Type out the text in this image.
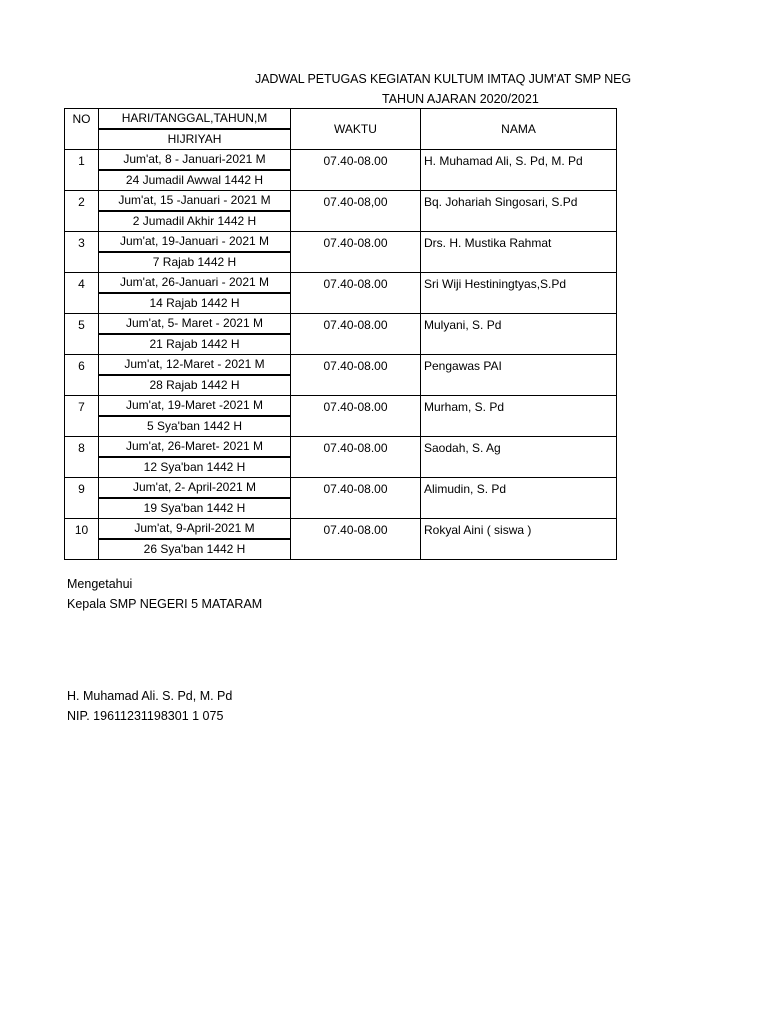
JADWAL PETUGAS KEGIATAN KULTUM IMTAQ JUM'AT SMP NEG
TAHUN AJARAN 2020/2021
NO	HARI/TANGGAL,TAHUN,M	WAKTU	NAMA
	HIJRIYAH		
1	Jum'at, 8 - Januari-2021 M	07.40-08.00	H. Muhamad Ali, S. Pd, M. Pd
	24 Jumadil Awwal 1442 H		
2	Jum'at, 15 -Januari - 2021 M	07.40-08,00	Bq. Johariah Singosari, S.Pd
	2 Jumadil Akhir 1442 H		
3	Jum'at, 19-Januari - 2021 M	07.40-08.00	Drs. H. Mustika Rahmat
	7 Rajab 1442 H		
4	Jum'at, 26-Januari - 2021 M	07.40-08.00	Sri Wiji Hestiningtyas,S.Pd
	14 Rajab 1442 H		
5	Jum'at, 5- Maret - 2021 M	07.40-08.00	Mulyani, S. Pd
	21 Rajab 1442 H		
6	Jum'at, 12-Maret - 2021 M	07.40-08.00	Pengawas PAI
	28 Rajab 1442 H		
7	Jum'at, 19-Maret -2021 M	07.40-08.00	Murham, S. Pd
	5 Sya'ban 1442 H		
8	Jum'at, 26-Maret- 2021 M	07.40-08.00	Saodah, S. Ag
	12 Sya'ban 1442 H		
9	Jum'at, 2- April-2021 M	07.40-08.00	Alimudin, S. Pd
	19 Sya'ban 1442 H		
10	Jum'at, 9-April-2021 M	07.40-08.00	Rokyal Aini ( siswa )
	26 Sya'ban 1442 H		
Mengetahui
Kepala SMP NEGERI 5 MATARAM
H. Muhamad Ali. S. Pd, M. Pd
NIP. 19611231198301 1 075
